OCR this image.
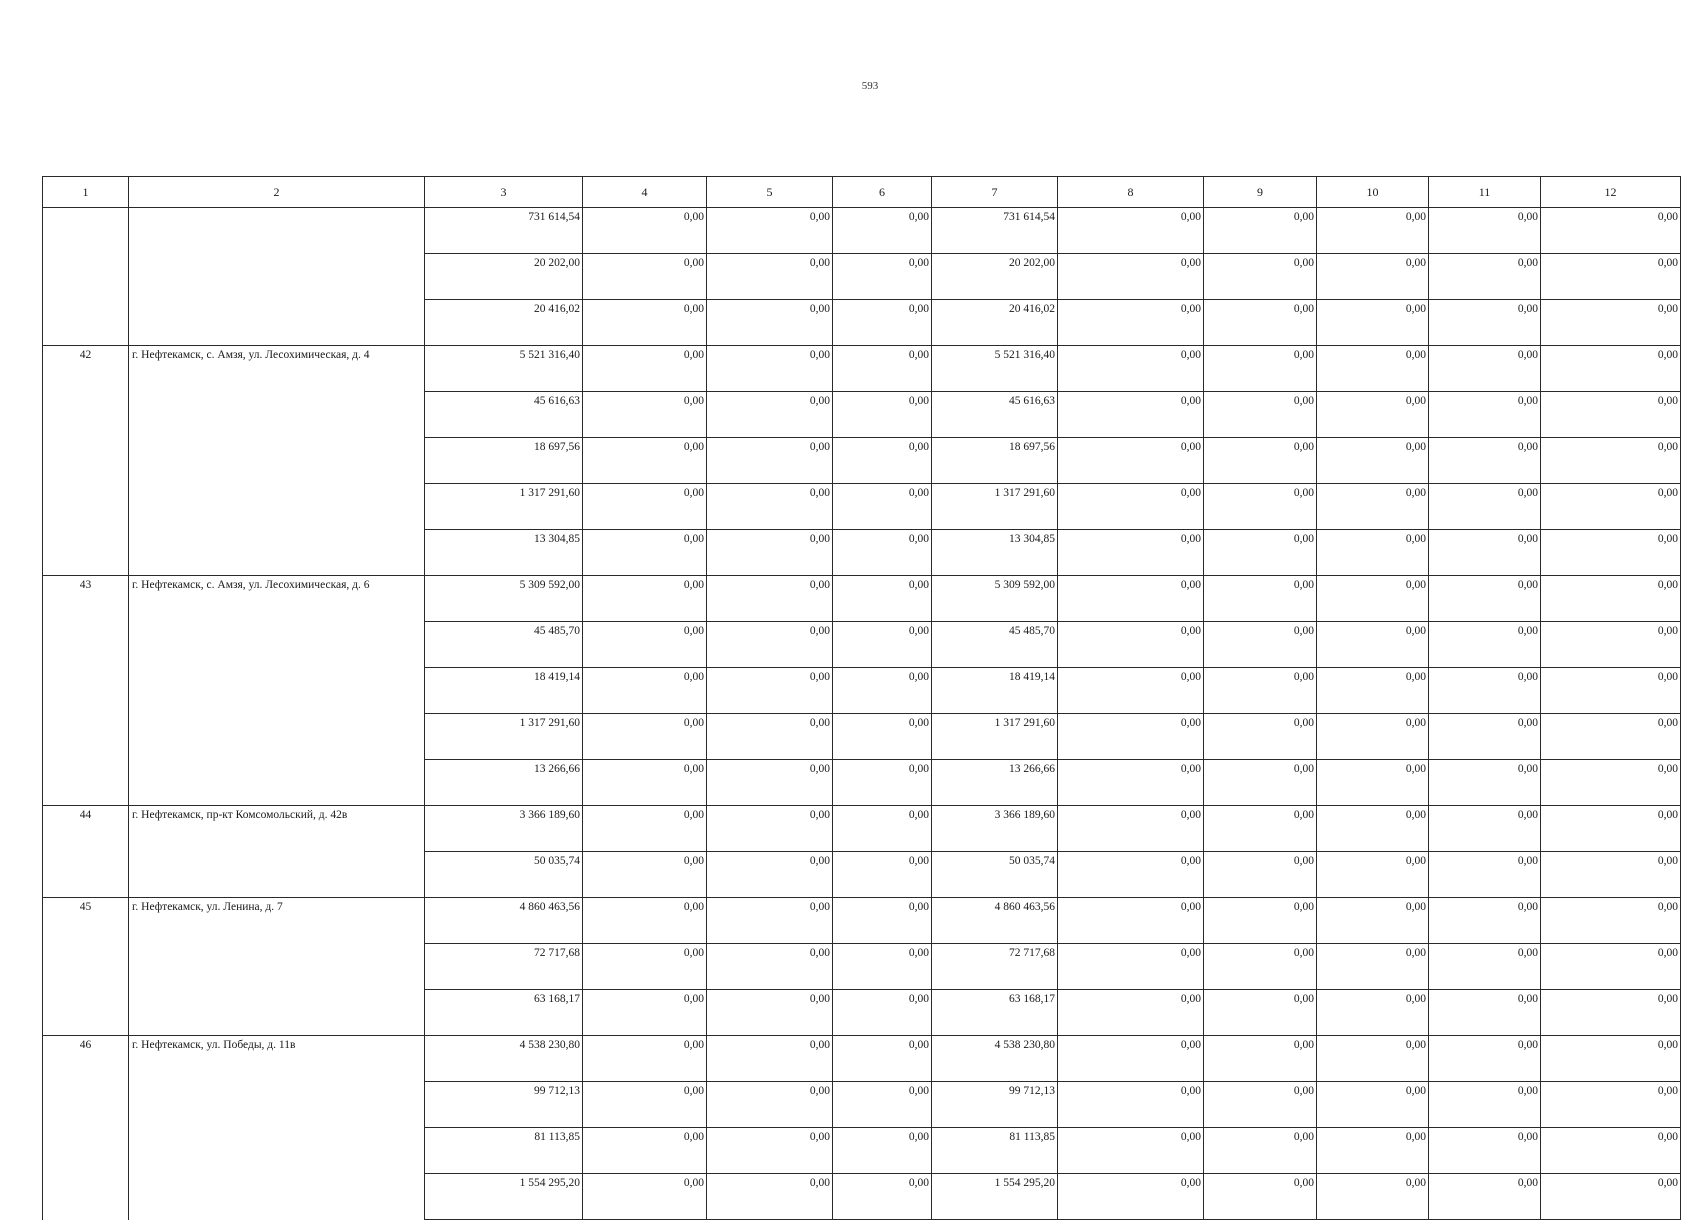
593
1	2	3	4	5	6	7	8	9	10	11	12
		731 614,54	0,00	0,00	0,00	731 614,54	0,00	0,00	0,00	0,00	0,00
		20 202,00	0,00	0,00	0,00	20 202,00	0,00	0,00	0,00	0,00	0,00
		20 416,02	0,00	0,00	0,00	20 416,02	0,00	0,00	0,00	0,00	0,00
42	г. Нефтекамск, с. Амзя, ул. Лесохимическая, д. 4	5 521 316,40	0,00	0,00	0,00	5 521 316,40	0,00	0,00	0,00	0,00	0,00
		45 616,63	0,00	0,00	0,00	45 616,63	0,00	0,00	0,00	0,00	0,00
		18 697,56	0,00	0,00	0,00	18 697,56	0,00	0,00	0,00	0,00	0,00
		1 317 291,60	0,00	0,00	0,00	1 317 291,60	0,00	0,00	0,00	0,00	0,00
		13 304,85	0,00	0,00	0,00	13 304,85	0,00	0,00	0,00	0,00	0,00
43	г. Нефтекамск, с. Амзя, ул. Лесохимическая, д. 6	5 309 592,00	0,00	0,00	0,00	5 309 592,00	0,00	0,00	0,00	0,00	0,00
		45 485,70	0,00	0,00	0,00	45 485,70	0,00	0,00	0,00	0,00	0,00
		18 419,14	0,00	0,00	0,00	18 419,14	0,00	0,00	0,00	0,00	0,00
		1 317 291,60	0,00	0,00	0,00	1 317 291,60	0,00	0,00	0,00	0,00	0,00
		13 266,66	0,00	0,00	0,00	13 266,66	0,00	0,00	0,00	0,00	0,00
44	г. Нефтекамск, пр-кт Комсомольский, д. 42в	3 366 189,60	0,00	0,00	0,00	3 366 189,60	0,00	0,00	0,00	0,00	0,00
		50 035,74	0,00	0,00	0,00	50 035,74	0,00	0,00	0,00	0,00	0,00
45	г. Нефтекамск, ул. Ленина, д. 7	4 860 463,56	0,00	0,00	0,00	4 860 463,56	0,00	0,00	0,00	0,00	0,00
		72 717,68	0,00	0,00	0,00	72 717,68	0,00	0,00	0,00	0,00	0,00
		63 168,17	0,00	0,00	0,00	63 168,17	0,00	0,00	0,00	0,00	0,00
46	г. Нефтекамск, ул. Победы, д. 11в	4 538 230,80	0,00	0,00	0,00	4 538 230,80	0,00	0,00	0,00	0,00	0,00
		99 712,13	0,00	0,00	0,00	99 712,13	0,00	0,00	0,00	0,00	0,00
		81 113,85	0,00	0,00	0,00	81 113,85	0,00	0,00	0,00	0,00	0,00
		1 554 295,20	0,00	0,00	0,00	1 554 295,20	0,00	0,00	0,00	0,00	0,00
